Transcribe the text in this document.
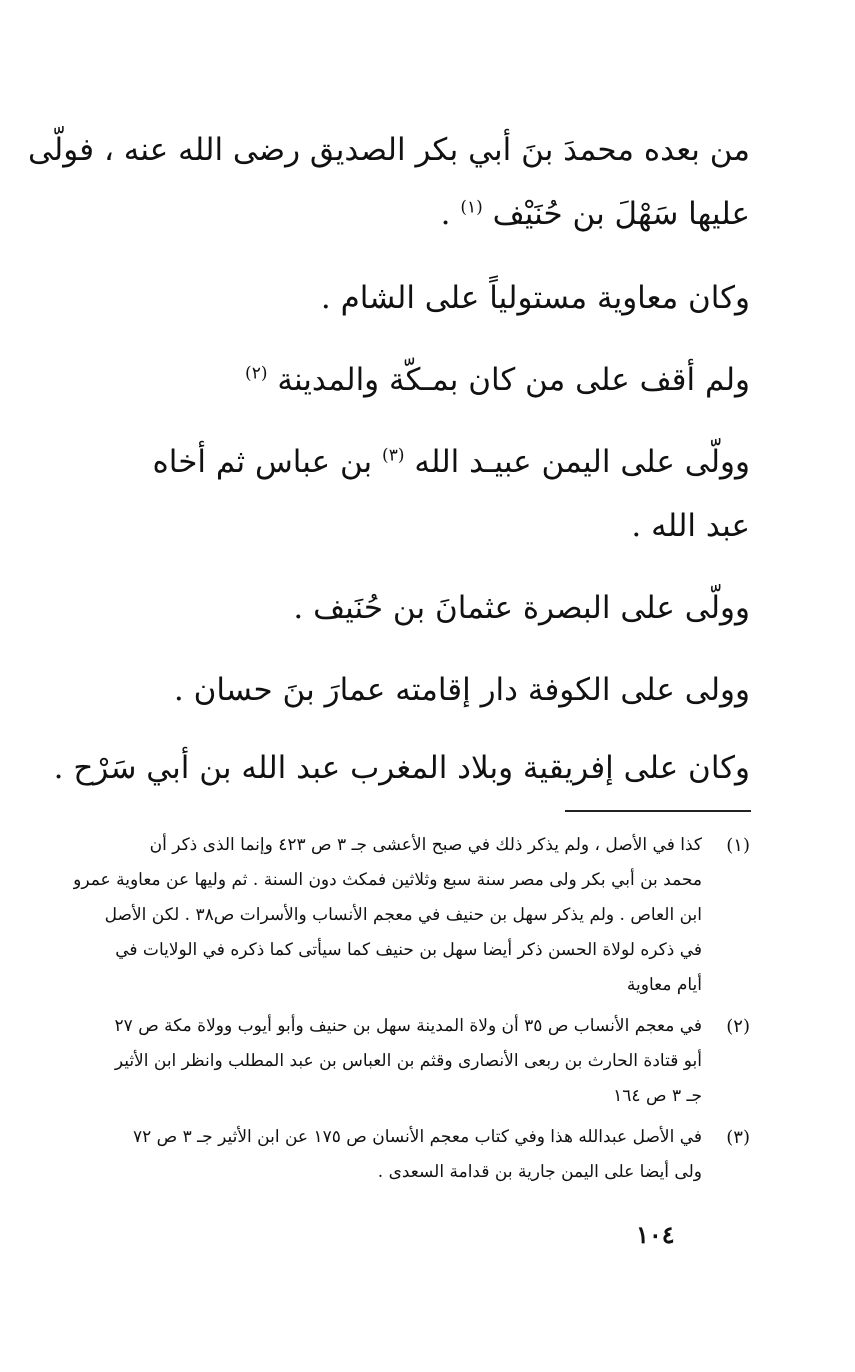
من بعده محمدَ بنَ أبي بكر الصديق رضى الله عنه ، فولّى
عليها سَهْلَ بن حُنَيْف $^{(١)}$ .
وكان معاوية مستولياً على الشام .
ولم أقف على من كان بمـكّة والمدينة $^{(٢)}$
وولّى على اليمن عبيـد الله $^{(٣)}$ بن عباس ثم أخاه
عبد الله .
وولّى على البصرة عثمانَ بن حُنَيف .
وولى على الكوفة دار إقامته عمارَ بنَ حسان .
وكان على إفريقية وبلاد المغرب عبد الله بن أبي سَرْح .
(١)
كذا في الأصل ، ولم يذكر ذلك في صبح الأعشى جـ ٣ ص ٤٢٣ وإنما الذى ذكر أن
محمد بن أبي بكر ولى مصر سنة سبع وثلاثين فمكث دون السنة . ثم وليها عن معاوية عمرو
ابن العاص . ولم يذكر سهل بن حنيف في معجم الأنساب والأسرات ص٣٨ . لكن الأصل
في ذكره لولاة الحسن ذكر أيضا سهل بن حنيف كما سيأتى كما ذكره في الولايات في
أيام معاوية
(٢)
في معجم الأنساب ص ٣٥ أن ولاة المدينة سهل بن حنيف وأبو أيوب وولاة مكة ص ٢٧
أبو قتادة الحارث بن ربعى الأنصارى وقثم بن العباس بن عبد المطلب وانظر ابن الأثير
جـ ٣ ص ١٦٤
(٣)
في الأصل عبدالله هذا وفي كتاب معجم الأنسان ص ١٧٥ عن ابن الأثير جـ ٣ ص ٧٢
ولى أيضا على اليمن جارية بن قدامة السعدى .
١٠٤
